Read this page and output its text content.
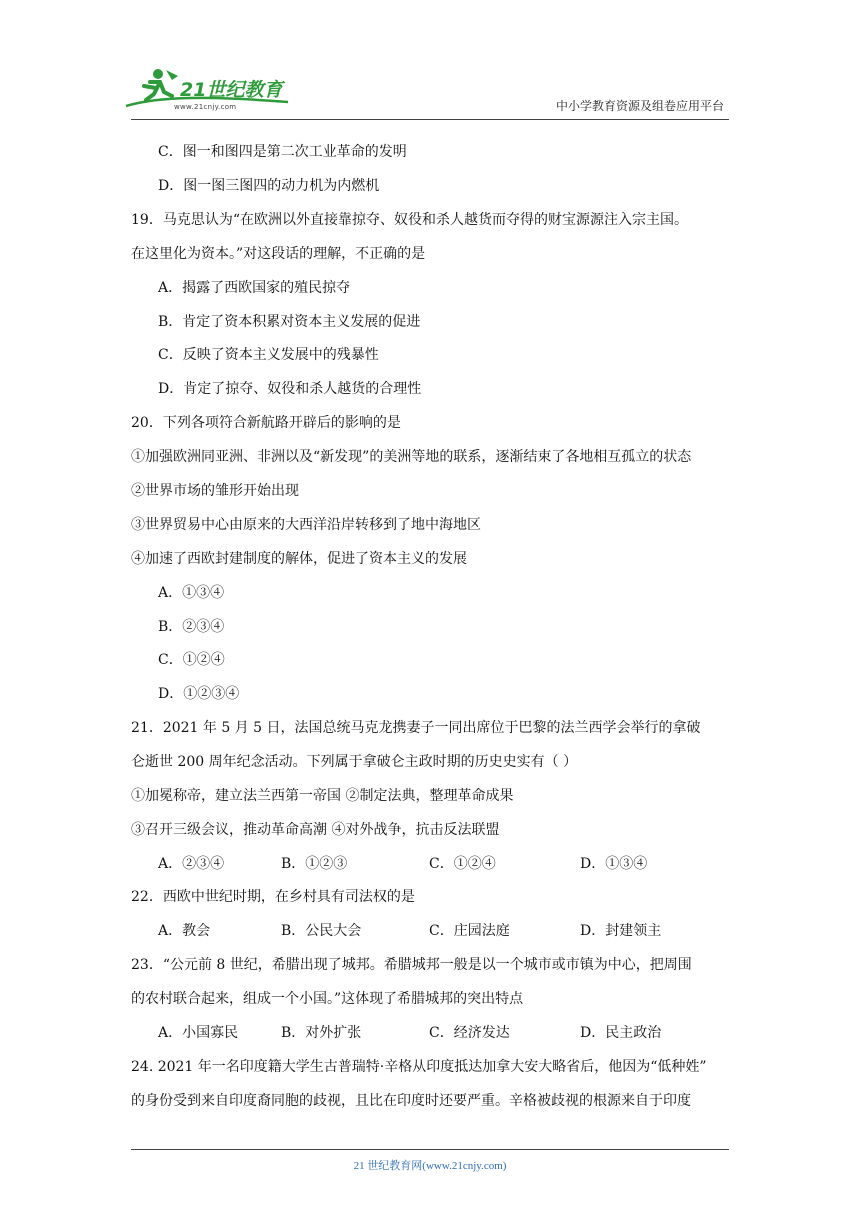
21世纪教育
www.21cnjy.com	中小学教育资源及组卷应用平台
C．图一和图四是第二次工业革命的发明
D．图一图三图四的动力机为内燃机
19．马克思认为“在欧洲以外直接靠掠夺、奴役和杀人越货而夺得的财宝源源注入宗主国。
在这里化为资本。”对这段话的理解，不正确的是
A．揭露了西欧国家的殖民掠夺
B．肯定了资本积累对资本主义发展的促进
C．反映了资本主义发展中的残暴性
D．肯定了掠夺、奴役和杀人越货的合理性
20．下列各项符合新航路开辟后的影响的是
①加强欧洲同亚洲、非洲以及“新发现”的美洲等地的联系，逐渐结束了各地相互孤立的状态
②世界市场的雏形开始出现
③世界贸易中心由原来的大西洋沿岸转移到了地中海地区
④加速了西欧封建制度的解体，促进了资本主义的发展
A．①③④
B．②③④
C．①②④
D．①②③④
21．2021 年 5 月 5 日，法国总统马克龙携妻子一同出席位于巴黎的法兰西学会举行的拿破
仑逝世 200 周年纪念活动。下列属于拿破仑主政时期的历史史实有（ ）
①加冕称帝，建立法兰西第一帝国 ②制定法典，整理革命成果
③召开三级会议，推动革命高潮 ④对外战争，抗击反法联盟
A．②③④	B．①②③	C．①②④	D．①③④
22．西欧中世纪时期，在乡村具有司法权的是
A．教会	B．公民大会	C．庄园法庭	D．封建领主
23．“公元前 8 世纪，希腊出现了城邦。希腊城邦一般是以一个城市或市镇为中心，把周围
的农村联合起来，组成一个小国。”这体现了希腊城邦的突出特点
A．小国寡民	B．对外扩张	C．经济发达	D．民主政治
24. 2021 年一名印度籍大学生古普瑞特·辛格从印度抵达加拿大安大略省后，他因为“低种姓”
的身份受到来自印度裔同胞的歧视，且比在印度时还要严重。辛格被歧视的根源来自于印度
21 世纪教育网(www.21cnjy.com)
